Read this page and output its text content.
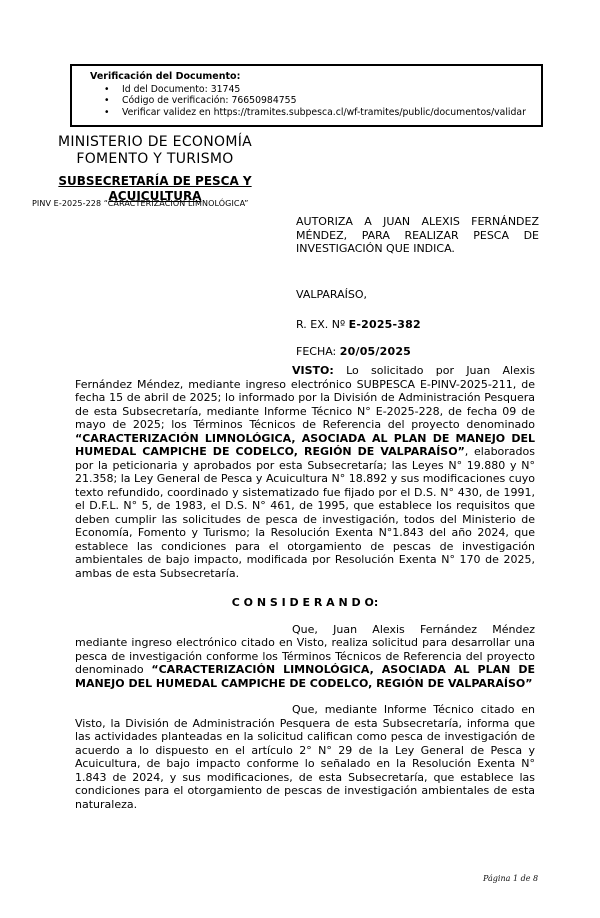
Verificación del Documento:
• Id del Documento: 31745
• Código de verificación: 76650984755
• Verificar validez en https://tramites.subpesca.cl/wf-tramites/public/documentos/validar
MINISTERIO DE ECONOMÍA
FOMENTO Y TURISMO
SUBSECRETARÍA DE PESCA Y
ACUICULTURA
PINV E-2025-228 “CARACTERIZACIÓN LIMNOLÓGICA”

AUTORIZA A JUAN ALEXIS FERNÁNDEZ MÉNDEZ, PARA REALIZAR PESCA DE INVESTIGACIÓN QUE INDICA.

VALPARAÍSO,

R. EX. Nº E-2025-382

FECHA: 20/05/2025

VISTO: Lo solicitado por Juan Alexis Fernández Méndez, mediante ingreso electrónico SUBPESCA E-PINV-2025-211, de fecha 15 de abril de 2025; lo informado por la División de Administración Pesquera de esta Subsecretaría, mediante Informe Técnico N° E-2025-228, de fecha 09 de mayo de 2025; los Términos Técnicos de Referencia del proyecto denominado “CARACTERIZACIÓN LIMNOLÓGICA, ASOCIADA AL PLAN DE MANEJO DEL HUMEDAL CAMPICHE DE CODELCO, REGIÓN DE VALPARAÍSO”, elaborados por la peticionaria y aprobados por esta Subsecretaría; las Leyes N° 19.880 y N° 21.358; la Ley General de Pesca y Acuicultura N° 18.892 y sus modificaciones cuyo texto refundido, coordinado y sistematizado fue fijado por el D.S. N° 430, de 1991, el D.F.L. N° 5, de 1983, el D.S. N° 461, de 1995, que establece los requisitos que deben cumplir las solicitudes de pesca de investigación, todos del Ministerio de Economía, Fomento y Turismo; la Resolución Exenta N°1.843 del año 2024, que establece las condiciones para el otorgamiento de pescas de investigación ambientales de bajo impacto, modificada por Resolución Exenta N° 170 de 2025, ambas de esta Subsecretaría.

C O N S I D E R A N D O:

Que, Juan Alexis Fernández Méndez mediante ingreso electrónico citado en Visto, realiza solicitud para desarrollar una pesca de investigación conforme los Términos Técnicos de Referencia del proyecto denominado “CARACTERIZACIÓN LIMNOLÓGICA, ASOCIADA AL PLAN DE MANEJO DEL HUMEDAL CAMPICHE DE CODELCO, REGIÓN DE VALPARAÍSO”

Que, mediante Informe Técnico citado en Visto, la División de Administración Pesquera de esta Subsecretaría, informa que las actividades planteadas en la solicitud califican como pesca de investigación de acuerdo a lo dispuesto en el artículo 2° N° 29 de la Ley General de Pesca y Acuicultura, de bajo impacto conforme lo señalado en la Resolución Exenta N° 1.843 de 2024, y sus modificaciones, de esta Subsecretaría, que establece las condiciones para el otorgamiento de pescas de investigación ambientales de esta naturaleza.

Página 1 de 8
